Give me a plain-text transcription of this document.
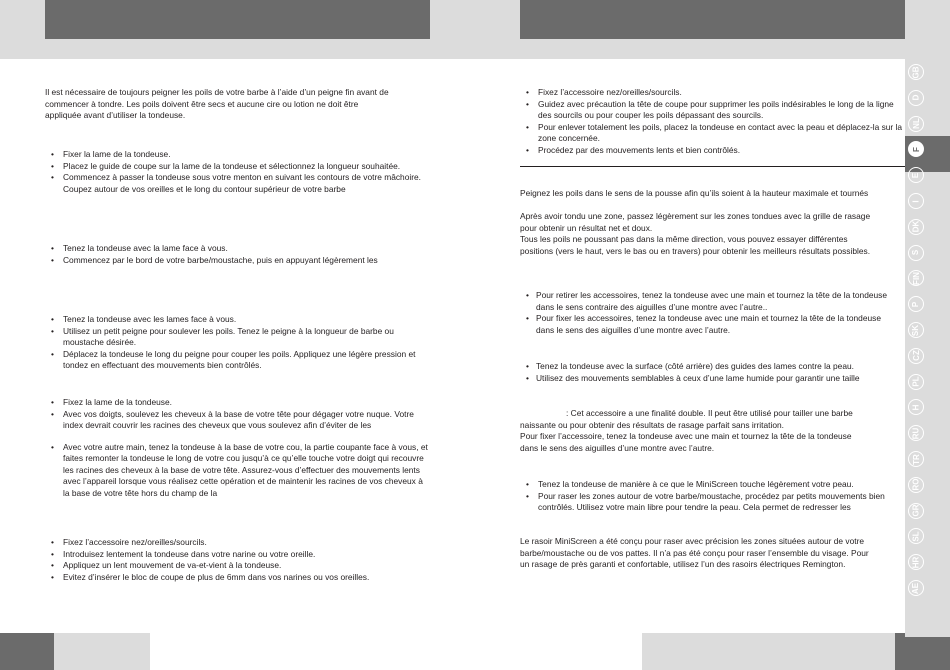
Il est nécessaire de toujours peigner les poils de votre barbe à l’aide d’un peigne fin avant de

commencer à tondre. Les poils doivent être secs et aucune cire ou lotion ne doit être

appliquée avant d’utiliser la tondeuse.

• Fixer la lame de la tondeuse.
• Placez le guide de coupe sur la lame de la tondeuse et sélectionnez la longueur souhaitée.
• Commencez à passer la tondeuse sous votre menton en suivant les contours de votre mâchoire. Coupez autour de vos oreilles et le long du contour supérieur de votre barbe
• Tenez la tondeuse avec la lame face à vous.
• Commencez par le bord de votre barbe/moustache, puis en appuyant légèrement les
• Tenez la tondeuse avec les lames face à vous.
• Utilisez un petit peigne pour soulever les poils. Tenez le peigne à la longueur de barbe ou moustache désirée.
• Déplacez la tondeuse le long du peigne pour couper les poils. Appliquez une légère pression et tondez en effectuant des mouvements bien contrôlés.
• Fixez la lame de la tondeuse.
• Avec vos doigts, soulevez les cheveux à la base de votre tête pour dégager votre nuque. Votre index devrait couvrir les racines des cheveux que vous soulevez afin d’éviter de les
• Avec votre autre main, tenez la tondeuse à la base de votre cou, la partie coupante face à vous, et faites remonter la tondeuse le long de votre cou jusqu’à ce qu’elle touche votre doigt qui recouvre les racines des cheveux à la base de votre tête. Assurez-vous d’effectuer des mouvements lents avec l’appareil lorsque vous réalisez cette opération et de maintenir les racines de vos cheveux à la base de votre tête hors du champ de la
• Fixez l’accessoire nez/oreilles/sourcils.
• Introduisez lentement la tondeuse dans votre narine ou votre oreille.
• Appliquez un lent mouvement de va-et-vient à la tondeuse.
• Evitez d’insérer le bloc de coupe de plus de 6mm dans vos narines ou vos oreilles.
• Fixez l’accessoire nez/oreilles/sourcils.
• Guidez avec précaution la tête de coupe pour supprimer les poils indésirables le long de la ligne des sourcils ou pour couper les poils dépassant des sourcils.
• Pour enlever totalement les poils, placez la tondeuse en contact avec la peau et déplacez-la sur la zone concernée.
• Procédez par des mouvements lents et bien contrôlés.

Peignez les poils dans le sens de la pousse afin qu’ils soient à la hauteur maximale et tournés

Après avoir tondu une zone, passez légèrement sur les zones tondues avec la grille de rasage

pour obtenir un résultat net et doux.

Tous les poils ne poussant pas dans la même direction, vous pouvez essayer différentes

positions (vers le haut, vers le bas ou en travers) pour obtenir les meilleurs résultats possibles.

• Pour retirer les accessoires, tenez la tondeuse avec une main et tournez la tête de la tondeuse dans le sens contraire des aiguilles d’une montre avec l’autre..
• Pour fixer les accessoires, tenez la tondeuse avec une main et tournez la tête de la tondeuse dans le sens des aiguilles d’une montre avec l’autre.
• Tenez la tondeuse avec la surface (côté arrière) des guides des lames contre la peau.
• Utilisez des mouvements semblables à ceux d’une lame humide pour garantir une taille

: Cet accessoire a une finalité double. Il peut être utilisé pour tailler une barbe

naissante ou pour obtenir des résultats de rasage parfait sans irritation.

Pour fixer l’accessoire, tenez la tondeuse avec une main et tournez la tête de la tondeuse

dans le sens des aiguilles d’une montre avec l’autre.

• Tenez la tondeuse de manière à ce que le MiniScreen touche légèrement votre peau.
• Pour raser les zones autour de votre barbe/moustache, procédez par petits mouvements bien contrôlés. Utilisez votre main libre pour tendre la peau. Cela permet de redresser les

Le rasoir MiniScreen a été conçu pour raser avec précision les zones situées autour de votre

barbe/moustache ou de vos pattes. Il n’a pas été conçu pour raser l’ensemble du visage. Pour

un rasage de près garanti et confortable, utilisez l’un des rasoirs électriques Remington.

GB
D
NL
F
E
I
DK
S
FIN
P
SK
CZ
PL
H
RU
TR
RO
GR
SL
HR
AE
